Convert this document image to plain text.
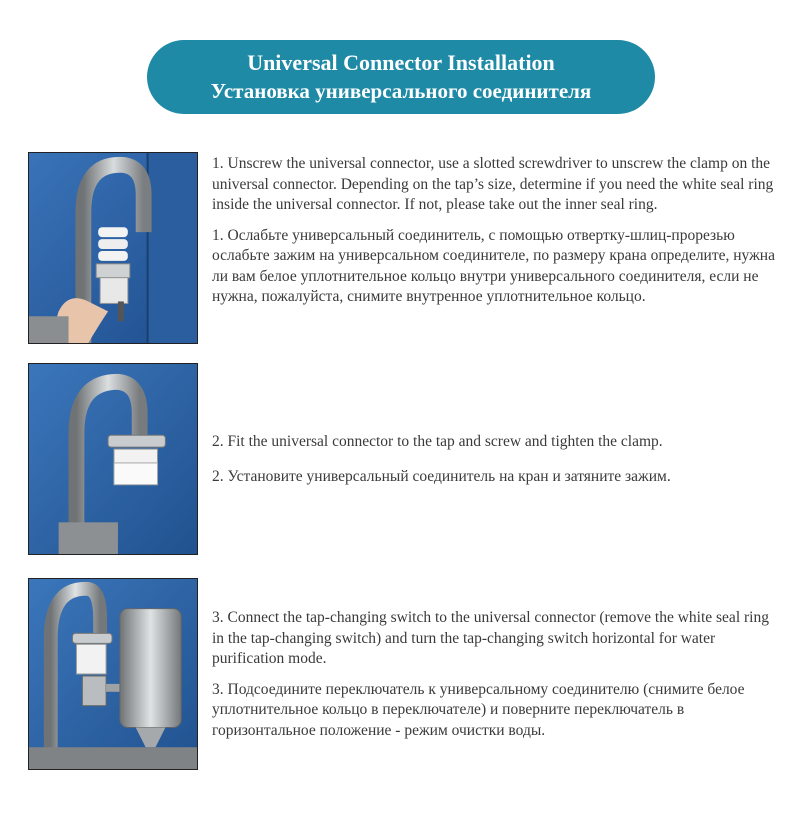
Universal Connector Installation
Установка универсального соединителя

1. Unscrew the universal connector, use a slotted screwdriver to unscrew the clamp on the universal connector. Depending on the tap’s size, determine if you need the white seal ring inside the universal connector. If not, please take out the inner seal ring.

1. Ослабьте универсальный соединитель, с помощью отвертку-шлиц-прорезью ослабьте зажим на универсальном соединителе, по размеру крана определите, нужна ли вам белое уплотнительное кольцо внутри универсального соединителя, если не нужна, пожалуйста, снимите внутренное уплотнительное кольцо.

2. Fit the universal connector to the tap and screw and tighten the clamp.

2. Установите универсальный соединитель на кран и затяните зажим.

3. Connect the tap-changing switch to the universal connector (remove the white seal ring in the tap-changing switch) and turn the tap-changing switch horizontal for water purification mode.

3. Подсоедините переключатель к универсальному соединителю (снимите белое уплотнительное кольцо в переключателе) и поверните переключатель в горизонтальное положение - режим очистки воды.
